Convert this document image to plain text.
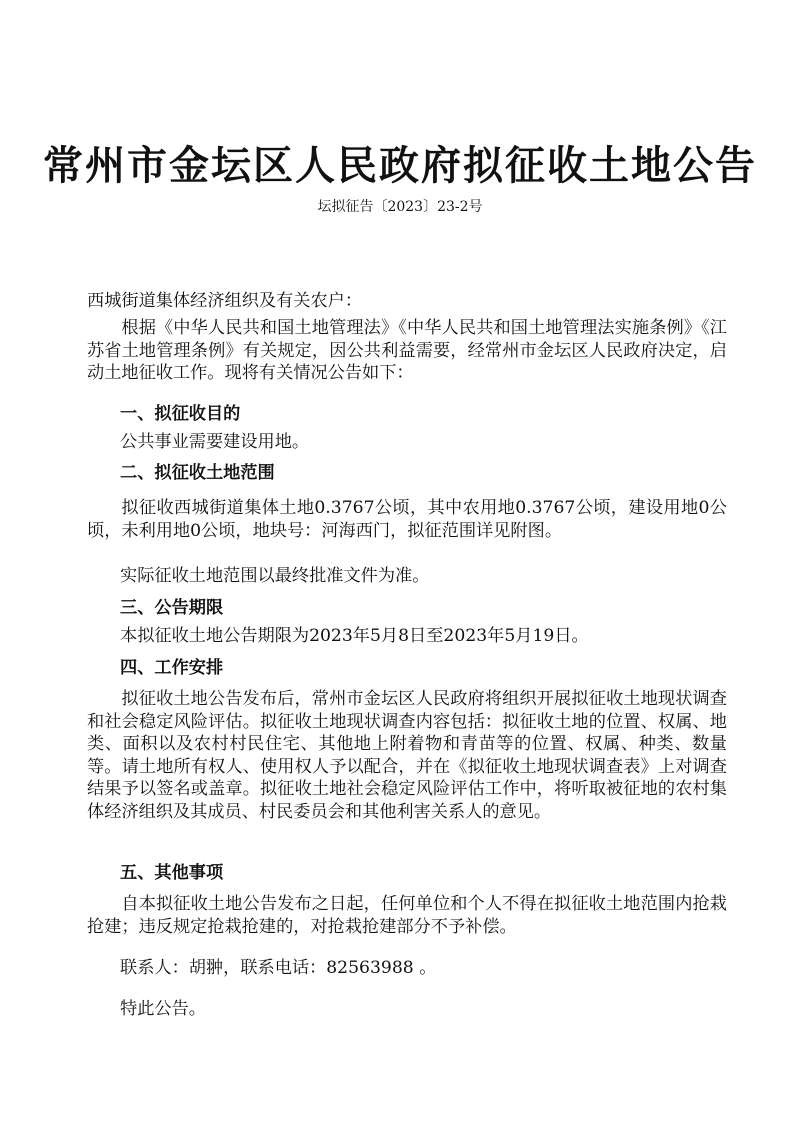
常州市金坛区人民政府拟征收土地公告
坛拟征告〔2023〕23-2号
西城街道集体经济组织及有关农户：
根据《中华人民共和国土地管理法》《中华人民共和国土地管理法实施条例》《江苏省土地管理条例》有关规定，因公共利益需要，经常州市金坛区人民政府决定，启动土地征收工作。现将有关情况公告如下：
一、拟征收目的
公共事业需要建设用地。
二、拟征收土地范围
拟征收西城街道集体土地0.3767公顷，其中农用地0.3767公顷，建设用地0公顷，未利用地0公顷，地块号：河海西门，拟征范围详见附图。
实际征收土地范围以最终批准文件为准。
三、公告期限
本拟征收土地公告期限为2023年5月8日至2023年5月19日。
四、工作安排
拟征收土地公告发布后，常州市金坛区人民政府将组织开展拟征收土地现状调查和社会稳定风险评估。拟征收土地现状调查内容包括：拟征收土地的位置、权属、地类、面积以及农村村民住宅、其他地上附着物和青苗等的位置、权属、种类、数量等。请土地所有权人、使用权人予以配合，并在《拟征收土地现状调查表》上对调查结果予以签名或盖章。拟征收土地社会稳定风险评估工作中，将听取被征地的农村集体经济组织及其成员、村民委员会和其他利害关系人的意见。
五、其他事项
自本拟征收土地公告发布之日起，任何单位和个人不得在拟征收土地范围内抢栽抢建；违反规定抢栽抢建的，对抢栽抢建部分不予补偿。
联系人：胡翀，联系电话：82563988 。
特此公告。
